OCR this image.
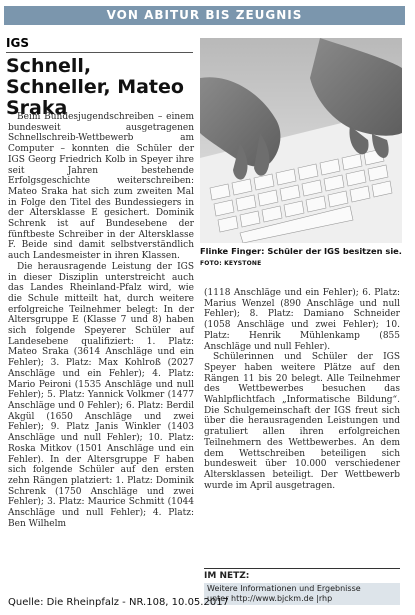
VON ABITUR BIS ZEUGNIS
IGS
Schnell, Schneller, Mateo Sraka

Beim Bundesjugendschreiben – einem bundesweit ausgetragenen Schnellschreib-Wettbewerb am Computer – konnten die Schüler der IGS Georg Friedrich Kolb in Speyer ihre seit Jahren bestehende Erfolgsgeschichte weiterschreiben: Mateo Sraka hat sich zum zweiten Mal in Folge den Titel des Bundessiegers in der Altersklasse E gesichert. Dominik Schrenk ist auf Bundesebene der fünftbeste Schreiber in der Altersklasse F. Beide sind damit selbstverständlich auch Landesmeister in ihren Klassen.

Die herausragende Leistung der IGS in dieser Disziplin unterstreicht auch das Landes Rheinland-Pfalz wird, wie die Schule mitteilt hat, durch weitere erfolgreiche Teilnehmer belegt: In der Altersgruppe E (Klasse 7 und 8) haben sich folgende Speyerer Schüler auf Landesebene qualifiziert: 1. Platz: Mateo Sraka (3614 Anschläge und ein Fehler); 3. Platz: Max Kohlroß (2027 Anschläge und ein Fehler); 4. Platz: Mario Peironi (1535 Anschläge und null Fehler); 5. Platz: Yannick Volkmer (1477 Anschläge und 0 Fehler); 6. Platz: Berdil Akgül (1650 Anschläge und zwei Fehler); 9. Platz Janis Winkler (1403 Anschläge und null Fehler); 10. Platz: Roska Mitkov (1501 Anschläge und ein Fehler). In der Altersgruppe F haben sich folgende Schüler auf den ersten zehn Rängen platziert: 1. Platz: Dominik Schrenk (1750 Anschläge und zwei Fehler); 3. Platz: Maurice Schmitt (1044 Anschläge und null Fehler); 4. Platz: Ben Wilhelm

Flinke Finger: Schüler der IGS besitzen sie. FOTO: KEYSTONE

(1118 Anschläge und ein Fehler); 6. Platz: Marius Wenzel (890 Anschläge und null Fehler); 8. Platz: Damiano Schneider (1058 Anschläge und zwei Fehler); 10. Platz: Henrik Mühlenkamp (855 Anschläge und null Fehler).

Schülerinnen und Schüler der IGS Speyer haben weitere Plätze auf den Rängen 11 bis 20 belegt. Alle Teilnehmer des Wettbewerbes besuchen das Wahlpflichtfach „Informatische Bildung“. Die Schulgemeinschaft der IGS freut sich über die herausragenden Leistungen und gratuliert allen ihren erfolgreichen Teilnehmern des Wettbewerbes. An dem dem Wettschreiben beteiligen sich bundesweit über 10.000 verschiedener Altersklassen beteiligt. Der Wettbewerb wurde im April ausgetragen.

IM NETZ:
Weitere Informationen und Ergebnisse
unter http://www.bjckm.de |rhp
Quelle: Die Rheinpfalz - NR.108, 10.05.2017
